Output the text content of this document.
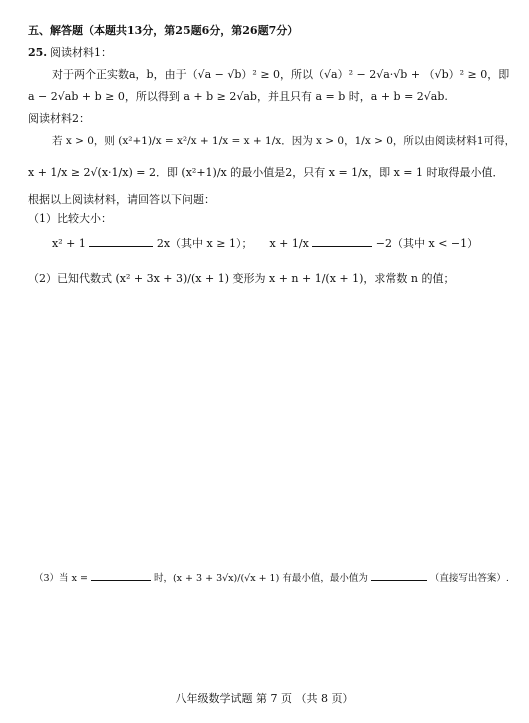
五、解答题（本题共13分，第25题6分，第26题7分）
25. 阅读材料1：
对于两个正实数a，b，由于（√a − √b）² ≥ 0，所以（√a）² − 2√a·√b + （√b）² ≥ 0，即
a − 2√ab + b ≥ 0，所以得到 a + b ≥ 2√ab，并且只有 a = b 时，a + b = 2√ab.
阅读材料2：
若 x > 0，则 (x²+1)/x = x²/x + 1/x = x + 1/x．因为 x > 0，1/x > 0，所以由阅读材料1可得，
x + 1/x ≥ 2√(x·1/x) = 2．即 (x²+1)/x 的最小值是2，只有 x = 1/x，即 x = 1 时取得最小值．
根据以上阅读材料，请回答以下问题：
（1）比较大小：
x² + 1	2x（其中 x ≥ 1）； x + 1/x	−2（其中 x < −1）
（2）已知代数式 (x² + 3x + 3)/(x + 1) 变形为 x + n + 1/(x + 1)，求常数 n 的值；
（3）当 x =	时，(x + 3 + 3√x)/(√x + 1) 有最小值，最小值为	（直接写出答案）.
八年级数学试题 第 7 页 （共 8 页）
